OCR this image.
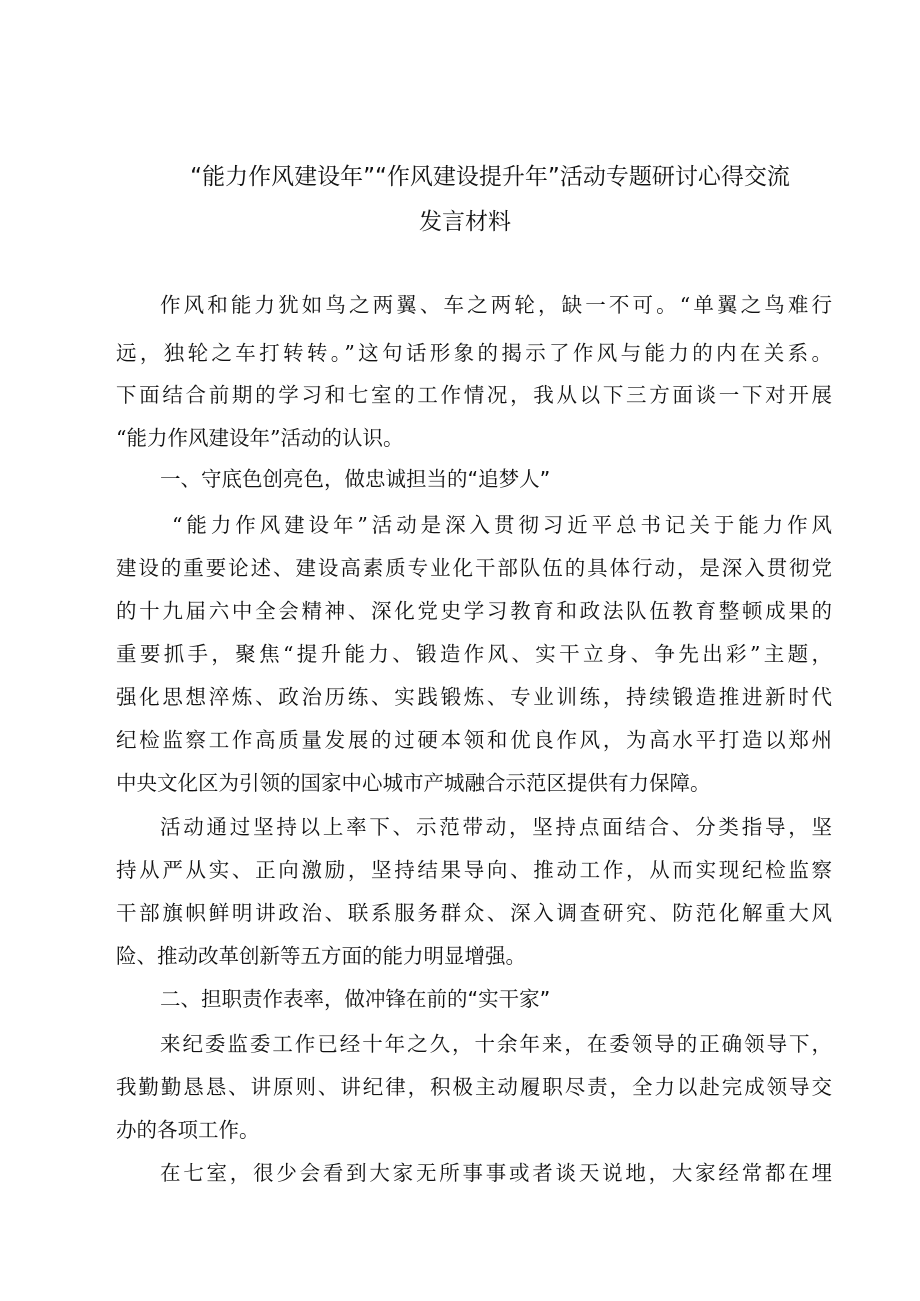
“能力作风建设年”“作风建设提升年”活动专题研讨心得交流
发言材料
作风和能力犹如鸟之两翼、车之两轮，缺一不可。“单翼之鸟难行
远，独轮之车打转转。”这句话形象的揭示了作风与能力的内在关系。
下面结合前期的学习和七室的工作情况，我从以下三方面谈一下对开展
“能力作风建设年”活动的认识。
一、守底色创亮色，做忠诚担当的“追梦人”
“能力作风建设年”活动是深入贯彻习近平总书记关于能力作风
建设的重要论述、建设高素质专业化干部队伍的具体行动，是深入贯彻党
的十九届六中全会精神、深化党史学习教育和政法队伍教育整顿成果的
重要抓手，聚焦“提升能力、锻造作风、实干立身、争先出彩”主题，
强化思想淬炼、政治历练、实践锻炼、专业训练，持续锻造推进新时代
纪检监察工作高质量发展的过硬本领和优良作风，为高水平打造以郑州
中央文化区为引领的国家中心城市产城融合示范区提供有力保障。
活动通过坚持以上率下、示范带动，坚持点面结合、分类指导，坚
持从严从实、正向激励，坚持结果导向、推动工作，从而实现纪检监察
干部旗帜鲜明讲政治、联系服务群众、深入调查研究、防范化解重大风
险、推动改革创新等五方面的能力明显增强。
二、担职责作表率，做冲锋在前的“实干家”
来纪委监委工作已经十年之久，十余年来，在委领导的正确领导下，
我勤勤恳恳、讲原则、讲纪律，积极主动履职尽责，全力以赴完成领导交
办的各项工作。
在七室，很少会看到大家无所事事或者谈天说地，大家经常都在埋
